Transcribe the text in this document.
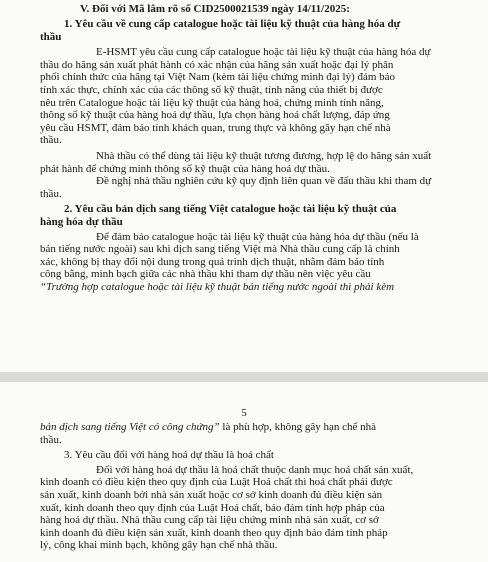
V. Đối với Mã lâm rõ số CID2500021539 ngày 14/11/2025:
1. Yêu cầu về cung cấp catalogue hoặc tài liệu kỹ thuật của hàng hóa dự
thầu
E-HSMT yêu cầu cung cấp catalogue hoặc tài liệu kỹ thuật của hàng hóa dự
thầu do hãng sản xuất phát hành có xác nhận của hãng sản xuất hoặc đại lý phân
phối chính thức của hãng tại Việt Nam (kèm tài liệu chứng minh đại lý) đảm bảo
tính xác thực, chính xác của các thông số kỹ thuật, tính năng của thiết bị được
nêu trên Catalogue hoặc tài liệu kỹ thuật của hàng hoá, chứng minh tính năng,
thông số kỹ thuật của hàng hoá dự thầu, lựa chọn hàng hoá chất lượng, đáp ứng
yêu cầu HSMT, đảm bảo tính khách quan, trung thực và không gây hạn chế nhà
thầu.
Nhà thầu có thể dùng tài liệu kỹ thuật tương đương, hợp lệ do hãng sản xuất
phát hành để chứng minh thông số kỹ thuật của hàng hoá dự thầu.
Đề nghị nhà thầu nghiên cứu kỹ quy định liên quan về đấu thầu khi tham dự
thầu.
2. Yêu cầu bản dịch sang tiếng Việt catalogue hoặc tài liệu kỹ thuật của
hàng hóa dự thầu
Để đảm bảo catalogue hoặc tài liệu kỹ thuật của hàng hóa dự thầu (nếu là
bản tiếng nước ngoài) sau khi dịch sang tiếng Việt mà Nhà thầu cung cấp là chính
xác, không bị thay đổi nội dung trong quá trình dịch thuật, nhằm đảm bảo tính
công bằng, minh bạch giữa các nhà thầu khi tham dự thầu nên việc yêu cầu
“Trường hợp catalogue hoặc tài liệu kỹ thuật bản tiếng nước ngoài thì phải kèm
5
bản dịch sang tiếng Việt có công chứng” là phù hợp, không gây hạn chế nhà
thầu.
3. Yêu cầu đối với hàng hoá dự thầu là hoá chất
Đối với hàng hoá dự thầu là hoá chất thuộc danh mục hoá chất sản xuất,
kinh doanh có điều kiện theo quy định của Luật Hoá chất thì hoá chất phải được
sản xuất, kinh doanh bởi nhà sản xuất hoặc cơ sở kinh doanh đủ điều kiện sản
xuất, kinh doanh theo quy định của Luật Hoá chất, bảo đảm tính hợp pháp của
hàng hoá dự thầu. Nhà thầu cung cấp tài liệu chứng minh nhà sản xuất, cơ sở
kinh doanh đủ điều kiện sản xuất, kinh doanh theo quy định bảo đảm tính pháp
lý, công khai minh bạch, không gây hạn chế nhà thầu.
